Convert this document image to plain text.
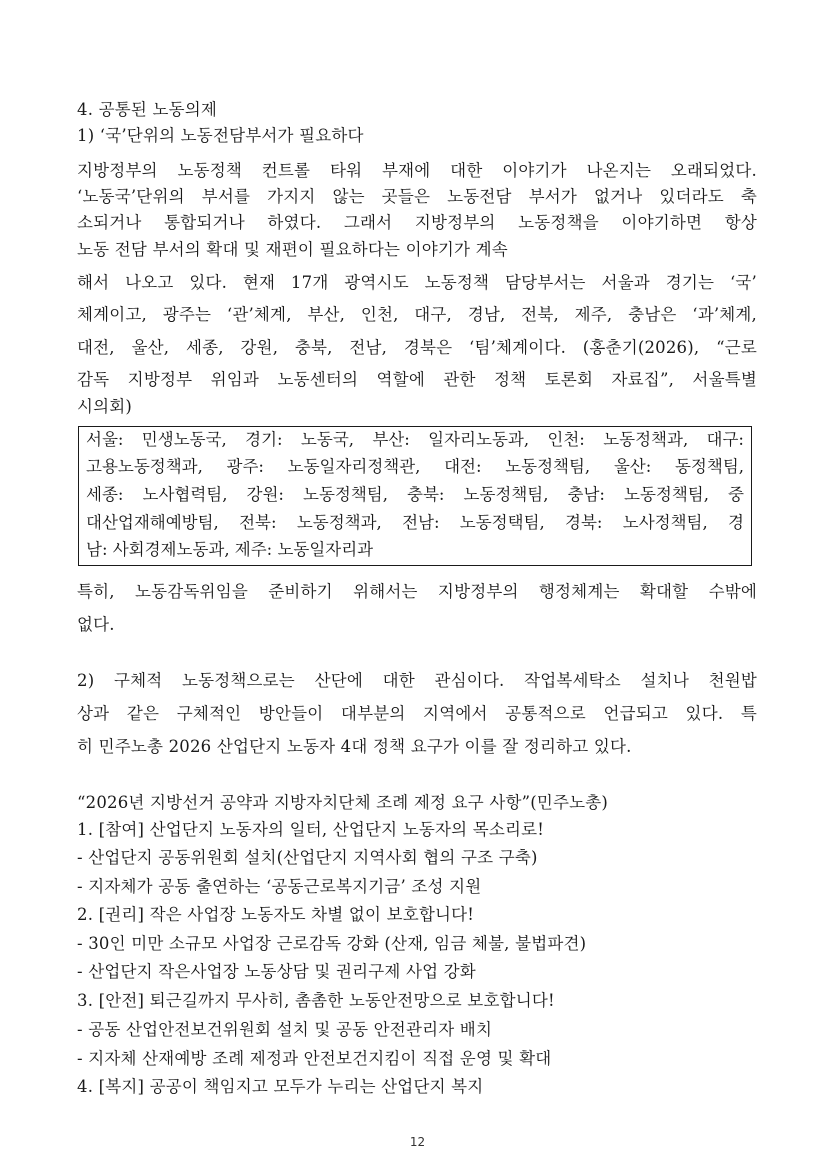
4. 공통된 노동의제
1) ‘국’단위의 노동전담부서가 필요하다
지방정부의 노동정책 컨트롤 타워 부재에 대한 이야기가 나온지는 오래되었다.
‘노동국’단위의 부서를 가지지 않는 곳들은 노동전담 부서가 없거나 있더라도 축
소되거나 통합되거나 하였다. 그래서 지방정부의 노동정책을 이야기하면 항상
노동 전담 부서의 확대 및 재편이 필요하다는 이야기가 계속
해서 나오고 있다. 현재 17개 광역시도 노동정책 담당부서는 서울과 경기는 ‘국’
체계이고, 광주는 ‘관’체계, 부산, 인천, 대구, 경남, 전북, 제주, 충남은 ‘과’체계,
대전, 울산, 세종, 강원, 충북, 전남, 경북은 ‘팀’체계이다. (홍춘기(2026), “근로
감독 지방정부 위임과 노동센터의 역할에 관한 정책 토론회 자료집”, 서울특별
시의회)
서울: 민생노동국, 경기: 노동국, 부산: 일자리노동과, 인천: 노동정책과, 대구:
고용노동정책과, 광주: 노동일자리정책관, 대전: 노동정책팀, 울산: 동정책팀,
세종: 노사협력팀, 강원: 노동정책팀, 충북: 노동정책팀, 충남: 노동정책팀, 중
대산업재해예방팀, 전북: 노동정책과, 전남: 노동정택팀, 경북: 노사정책팀, 경
남: 사회경제노동과, 제주: 노동일자리과
특히, 노동감독위임을 준비하기 위해서는 지방정부의 행정체계는 확대할 수밖에
없다.
2) 구체적 노동정책으로는 산단에 대한 관심이다. 작업복세탁소 설치나 천원밥
상과 같은 구체적인 방안들이 대부분의 지역에서 공통적으로 언급되고 있다. 특
히 민주노총 2026 산업단지 노동자 4대 정책 요구가 이를 잘 정리하고 있다.
“2026년 지방선거 공약과 지방자치단체 조례 제정 요구 사항”(민주노총)
1. [참여] 산업단지 노동자의 일터, 산업단지 노동자의 목소리로!
- 산업단지 공동위원회 설치(산업단지 지역사회 협의 구조 구축)
- 지자체가 공동 출연하는 ‘공동근로복지기금’ 조성 지원
2. [권리] 작은 사업장 노동자도 차별 없이 보호합니다!
- 30인 미만 소규모 사업장 근로감독 강화 (산재, 임금 체불, 불법파견)
- 산업단지 작은사업장 노동상담 및 권리구제 사업 강화
3. [안전] 퇴근길까지 무사히, 촘촘한 노동안전망으로 보호합니다!
- 공동 산업안전보건위원회 설치 및 공동 안전관리자 배치
- 지자체 산재예방 조례 제정과 안전보건지킴이 직접 운영 및 확대
4. [복지] 공공이 책임지고 모두가 누리는 산업단지 복지
12
